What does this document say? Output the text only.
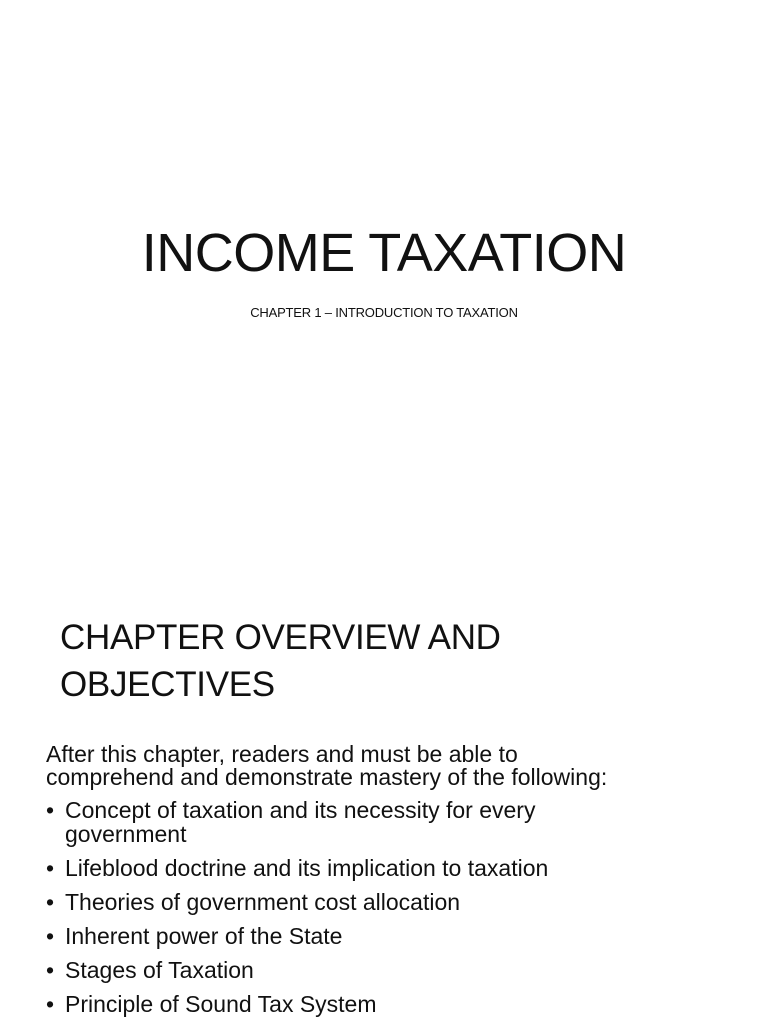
INCOME TAXATION

CHAPTER 1 – INTRODUCTION TO TAXATION

CHAPTER OVERVIEW AND
OBJECTIVES

After this chapter, readers and must be able to
comprehend and demonstrate mastery of the following:

• Concept of taxation and its necessity for every
government
• Lifeblood doctrine and its implication to taxation
• Theories of government cost allocation
• Inherent power of the State
• Stages of Taxation
• Principle of Sound Tax System
